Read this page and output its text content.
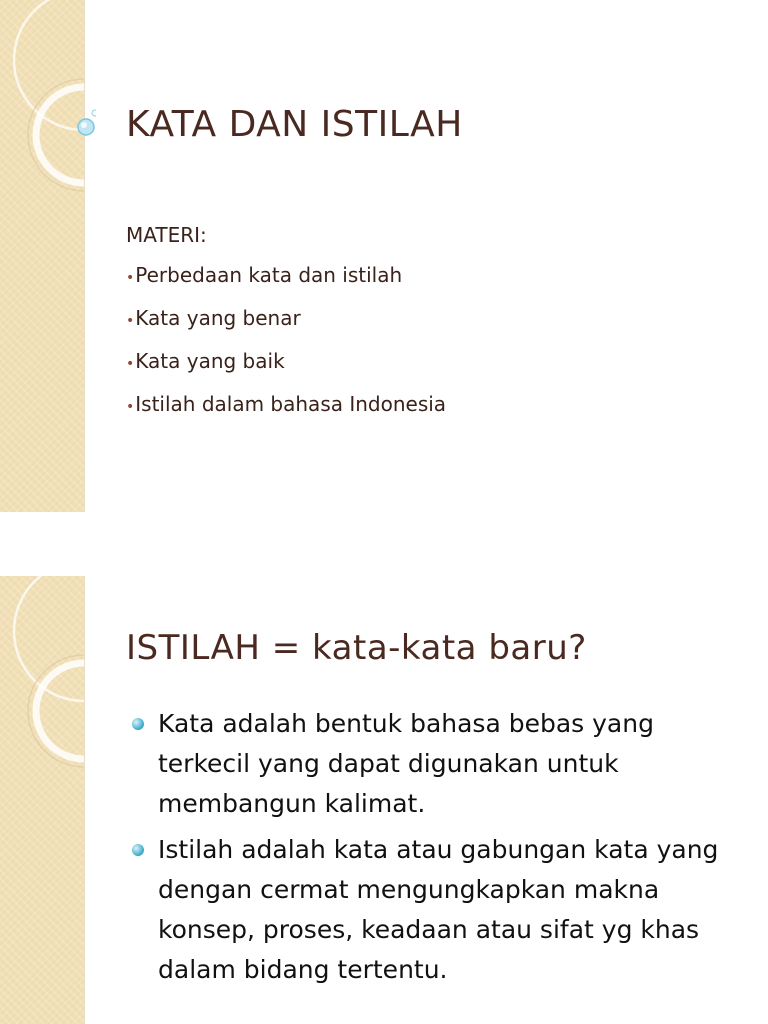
KATA DAN ISTILAH
MATERI:
•Perbedaan kata dan istilah
•Kata yang benar
•Kata yang baik
•Istilah dalam bahasa Indonesia
ISTILAH = kata-kata baru?
Kata adalah bentuk bahasa bebas yang terkecil yang dapat digunakan untuk membangun kalimat.
Istilah adalah kata atau gabungan kata yang dengan cermat mengungkapkan makna konsep, proses, keadaan atau sifat yg khas dalam bidang tertentu.
